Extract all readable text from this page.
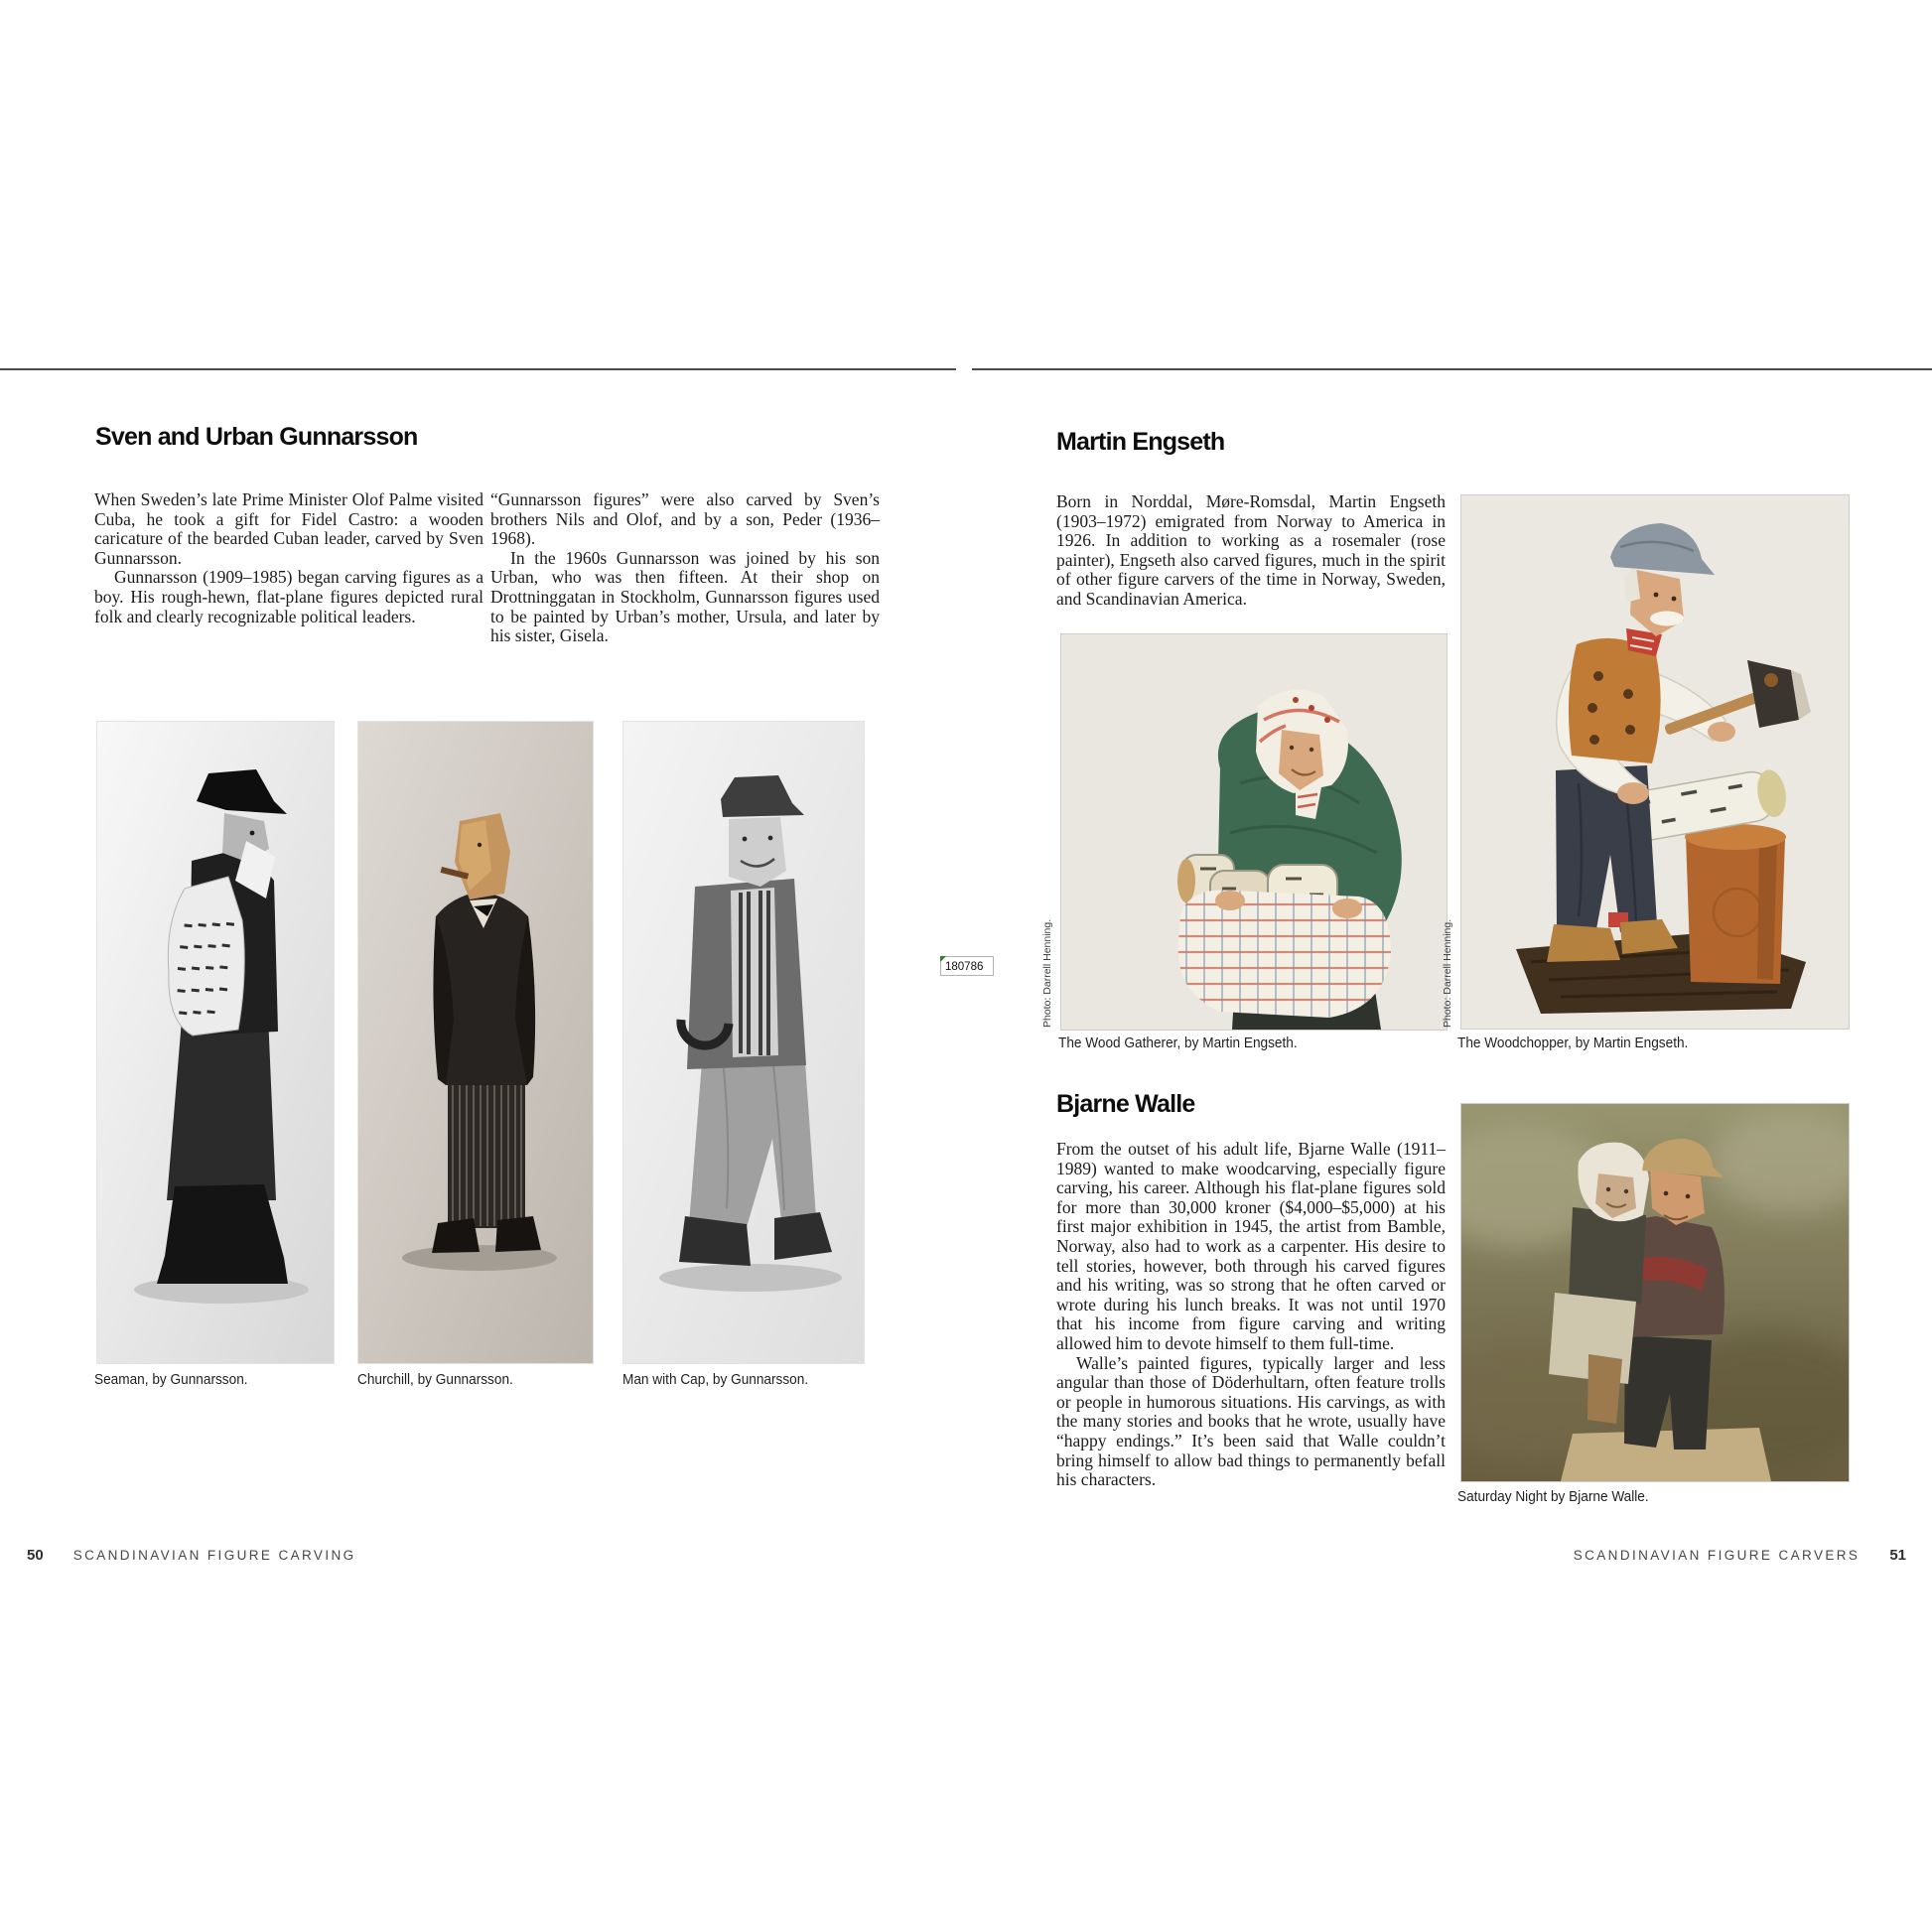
Sven and Urban Gunnarsson

When Sweden’s late Prime Minister Olof Palme visited Cuba, he took a gift for Fidel Castro: a wooden caricature of the bearded Cuban leader, carved by Sven Gunnarsson.

Gunnarsson (1909–1985) began carving figures as a boy. His rough-hewn, flat-plane figures depicted rural folk and clearly recognizable political leaders.

“Gunnarsson figures” were also carved by Sven’s brothers Nils and Olof, and by a son, Peder (1936–1968).

In the 1960s Gunnarsson was joined by his son Urban, who was then fifteen. At their shop on Drottninggatan in Stockholm, Gunnarsson figures used to be painted by Urban’s mother, Ursula, and later by his sister, Gisela.

Seaman, by Gunnarsson.	Churchill, by Gunnarsson.	Man with Cap, by Gunnarsson.
180786
Martin Engseth

Born in Norddal, Møre-Romsdal, Martin Engseth (1903–1972) emigrated from Norway to America in 1926. In addition to working as a rosemaler (rose painter), Engseth also carved figures, much in the spirit of other figure carvers of the time in Norway, Sweden, and Scandinavian America.

Photo: Darrell Henning.	Photo: Darrell Henning.
The Wood Gatherer, by Martin Engseth.	The Woodchopper, by Martin Engseth.
Bjarne Walle

From the outset of his adult life, Bjarne Walle (1911–1989) wanted to make woodcarving, especially figure carving, his career. Although his flat-plane figures sold for more than 30,000 kroner ($4,000–$5,000) at his first major exhibition in 1945, the artist from Bamble, Norway, also had to work as a carpenter. His desire to tell stories, however, both through his carved figures and his writing, was so strong that he often carved or wrote during his lunch breaks. It was not until 1970 that his income from figure carving and writing allowed him to devote himself to them full-time.

Walle’s painted figures, typically larger and less angular than those of Döderhultarn, often feature trolls or people in humorous situations. His carvings, as with the many stories and books that he wrote, usually have “happy endings.” It’s been said that Walle couldn’t bring himself to allow bad things to permanently befall his characters.

Saturday Night by Bjarne Walle.
50 SCANDINAVIAN FIGURE CARVING	SCANDINAVIAN FIGURE CARVERS 51
